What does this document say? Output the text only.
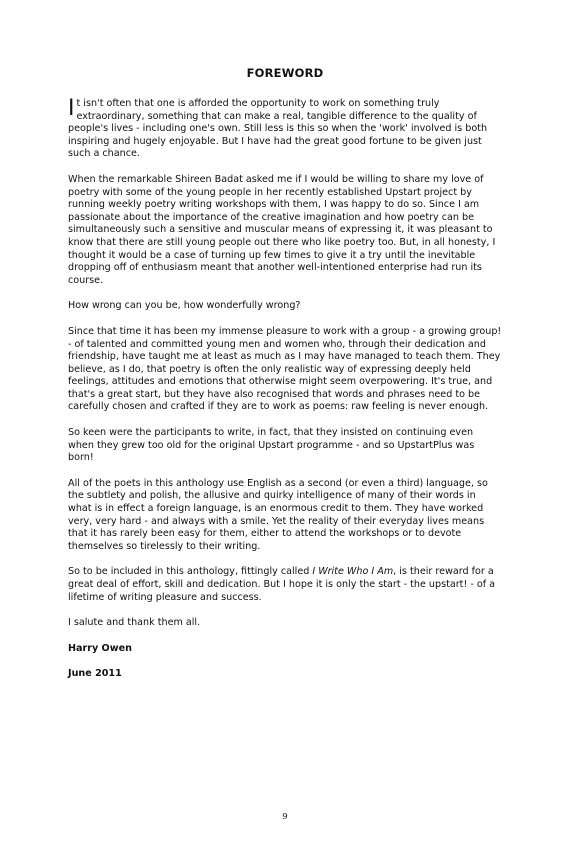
FOREWORD

It isn't often that one is afforded the opportunity to work on something truly extraordinary, something that can make a real, tangible difference to the quality of people's lives - including one's own. Still less is this so when the 'work' involved is both inspiring and hugely enjoyable. But I have had the great good fortune to be given just such a chance.

When the remarkable Shireen Badat asked me if I would be willing to share my love of poetry with some of the young people in her recently established Upstart project by running weekly poetry writing workshops with them, I was happy to do so. Since I am passionate about the importance of the creative imagination and how poetry can be simultaneously such a sensitive and muscular means of expressing it, it was pleasant to know that there are still young people out there who like poetry too. But, in all honesty, I thought it would be a case of turning up few times to give it a try until the inevitable dropping off of enthusiasm meant that another well-intentioned enterprise had run its course.

How wrong can you be, how wonderfully wrong?

Since that time it has been my immense pleasure to work with a group - a growing group! - of talented and committed young men and women who, through their dedication and friendship, have taught me at least as much as I may have managed to teach them. They believe, as I do, that poetry is often the only realistic way of expressing deeply held feelings, attitudes and emotions that otherwise might seem overpowering. It's true, and that's a great start, but they have also recognised that words and phrases need to be carefully chosen and crafted if they are to work as poems: raw feeling is never enough.

So keen were the participants to write, in fact, that they insisted on continuing even when they grew too old for the original Upstart programme - and so UpstartPlus was born!

All of the poets in this anthology use English as a second (or even a third) language, so the subtlety and polish, the allusive and quirky intelligence of many of their words in what is in effect a foreign language, is an enormous credit to them. They have worked very, very hard - and always with a smile. Yet the reality of their everyday lives means that it has rarely been easy for them, either to attend the workshops or to devote themselves so tirelessly to their writing.

So to be included in this anthology, fittingly called I Write Who I Am, is their reward for a great deal of effort, skill and dedication. But I hope it is only the start - the upstart! - of a lifetime of writing pleasure and success.

I salute and thank them all.

Harry Owen

June 2011

9
